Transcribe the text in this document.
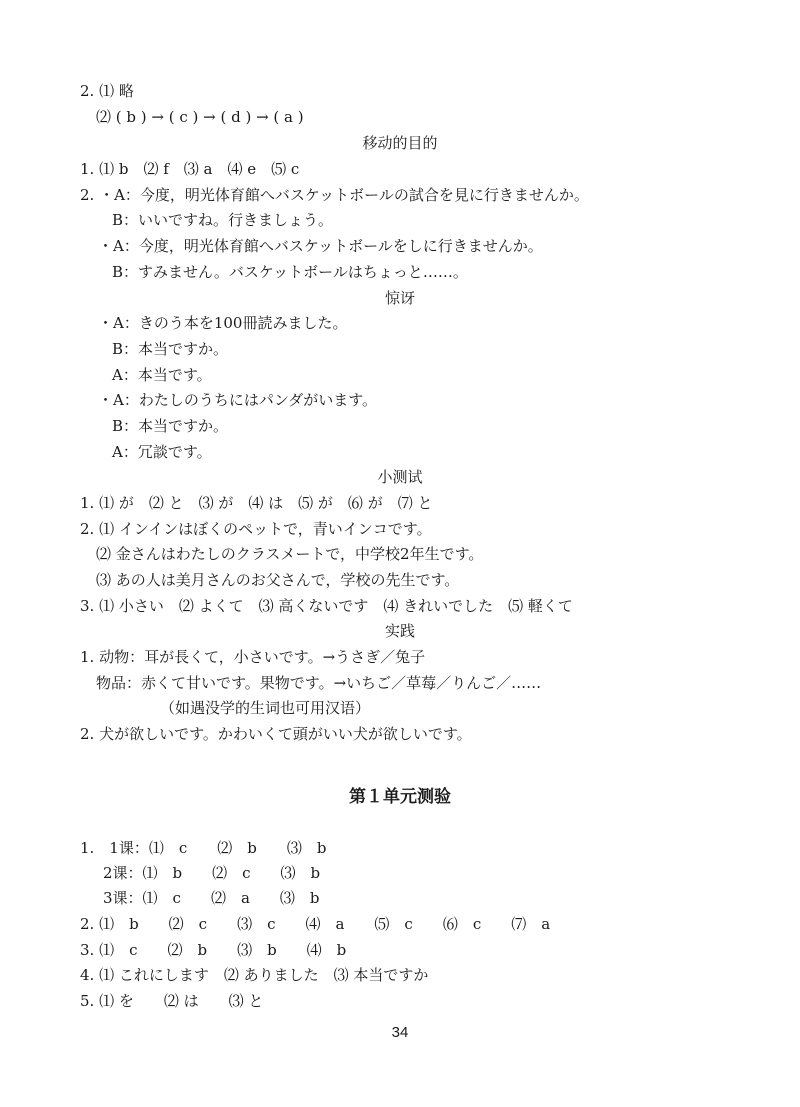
2. ⑴ 略
⑵ ( b ) → ( c ) → ( d ) → ( a )
移动的目的
1. ⑴ b　⑵ f　⑶ a　⑷ e　⑸ c
2. ・A：今度，明光体育館へバスケットボールの試合を見に行きませんか。
B：いいですね。行きましょう。
・A：今度，明光体育館へバスケットボールをしに行きませんか。
B：すみません。バスケットボールはちょっと……。
惊讶
・A：きのう本を100冊読みました。
B：本当ですか。
A：本当です。
・A：わたしのうちにはパンダがいます。
B：本当ですか。
A：冗談です。
小测试
1. ⑴ が　⑵ と　⑶ が　⑷ は　⑸ が　⑹ が　⑺ と
2. ⑴ インインはぼくのペットで，青いインコです。
⑵ 金さんはわたしのクラスメートで，中学校2年生です。
⑶ あの人は美月さんのお父さんで，学校の先生です。
3. ⑴ 小さい　⑵ よくて　⑶ 高くないです　⑷ きれいでした　⑸ 軽くて
实践
1. 动物：耳が長くて，小さいです。→うさぎ／兔子
物品：赤くて甘いです。果物です。→いちご／草莓／りんご／……
（如遇没学的生词也可用汉语）
2. 犬が欲しいです。かわいくて頭がいい犬が欲しいです。
第１单元测验
1.　1课：⑴　c　　⑵　b　　⑶　b
2课：⑴　b　　⑵　c　　⑶　b
3课：⑴　c　　⑵　a　　⑶　b
2. ⑴　b　　⑵　c　　⑶　c　　⑷　a　　⑸　c　　⑹　c　　⑺　a
3. ⑴　c　　⑵　b　　⑶　b　　⑷　b
4. ⑴ これにします　⑵ ありました　⑶ 本当ですか
5. ⑴ を　　⑵ は　　⑶ と
34
